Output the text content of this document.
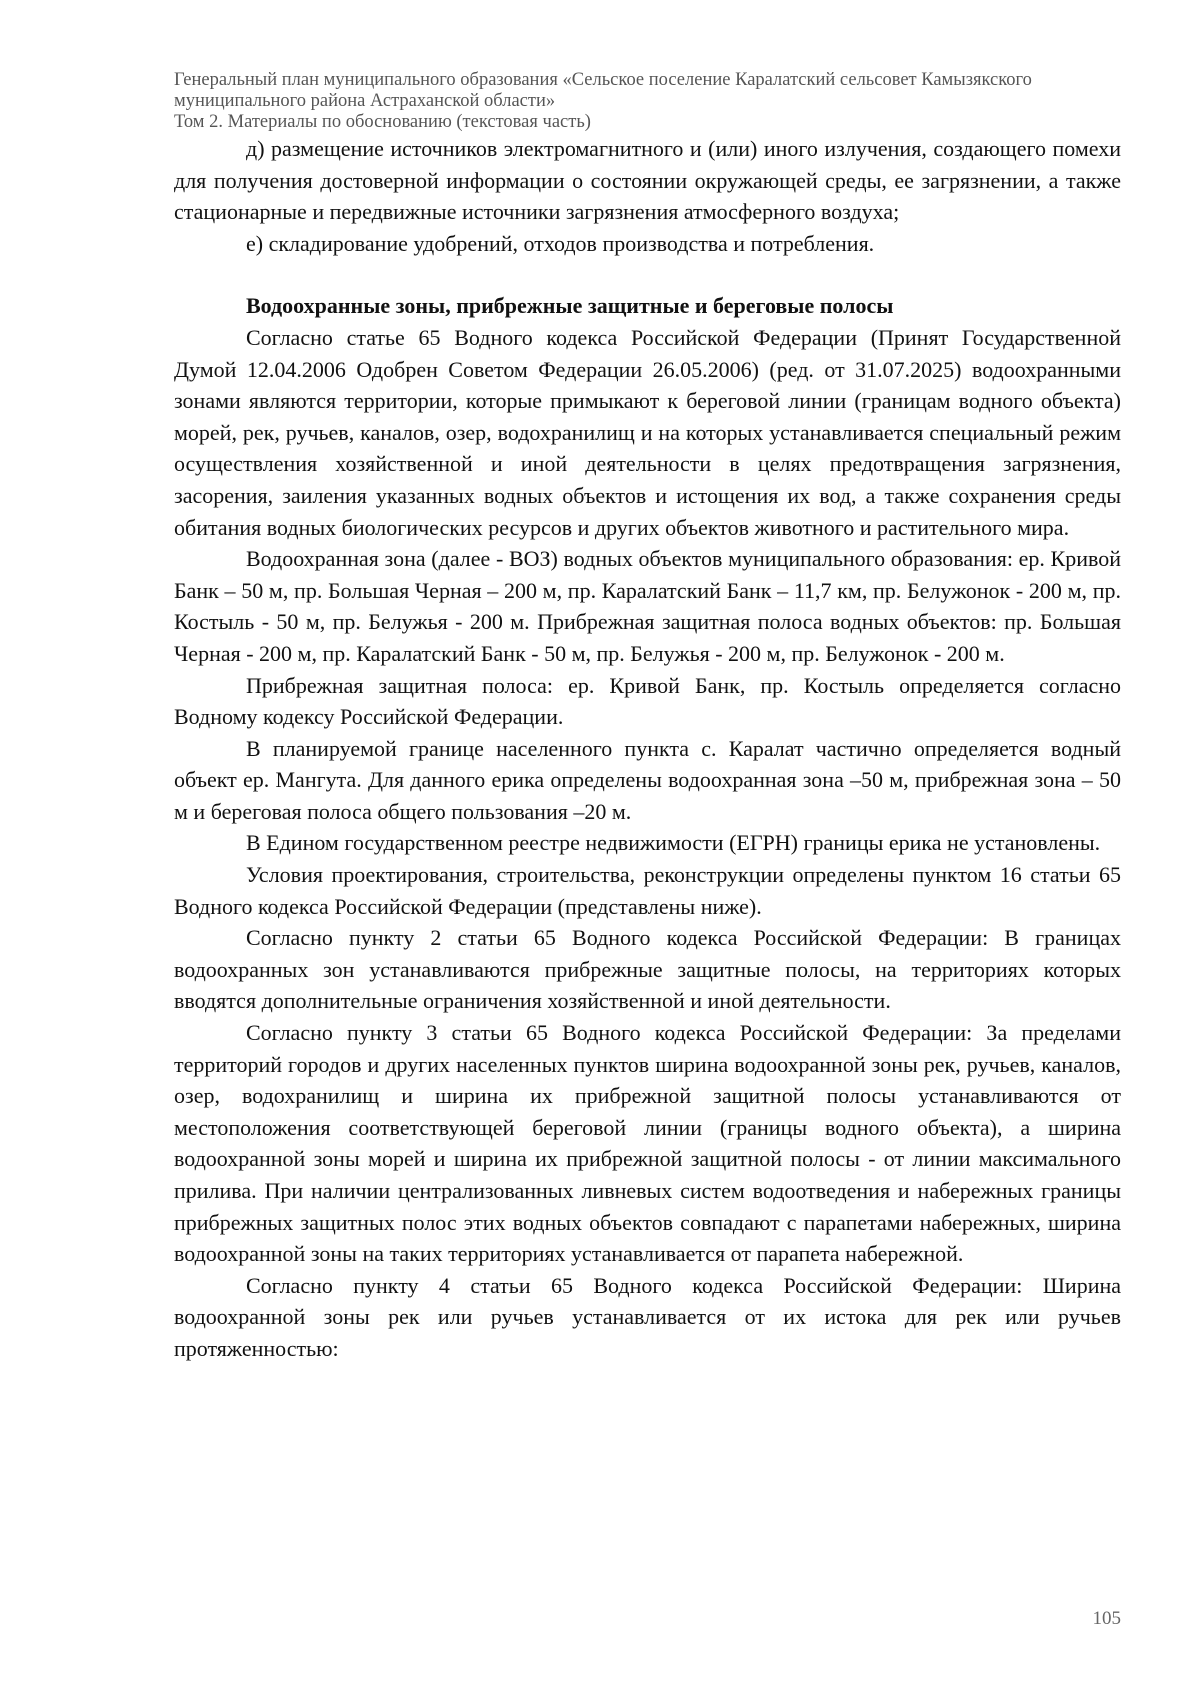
Генеральный план муниципального образования «Сельское поселение Каралатский сельсовет Камызякского
муниципального района Астраханской области»
Том 2. Материалы по обоснованию (текстовая часть)

д) размещение источников электромагнитного и (или) иного излучения, создающего помехи для получения достоверной информации о состоянии окружающей среды, ее загрязнении, а также стационарные и передвижные источники загрязнения атмосферного воздуха;

е) складирование удобрений, отходов производства и потребления.

Водоохранные зоны, прибрежные защитные и береговые полосы

Согласно статье 65 Водного кодекса Российской Федерации (Принят Государственной Думой 12.04.2006 Одобрен Советом Федерации 26.05.2006) (ред. от 31.07.2025) водоохранными зонами являются территории, которые примыкают к береговой линии (границам водного объекта) морей, рек, ручьев, каналов, озер, водохранилищ и на которых устанавливается специальный режим осуществления хозяйственной и иной деятельности в целях предотвращения загрязнения, засорения, заиления указанных водных объектов и истощения их вод, а также сохранения среды обитания водных биологических ресурсов и других объектов животного и растительного мира.

Водоохранная зона (далее - ВОЗ) водных объектов муниципального образования: ер. Кривой Банк – 50 м, пр. Большая Черная – 200 м, пр. Каралатский Банк – 11,7 км, пр. Белужонок - 200 м, пр. Костыль - 50 м, пр. Белужья - 200 м. Прибрежная защитная полоса водных объектов: пр. Большая Черная - 200 м, пр. Каралатский Банк - 50 м, пр. Белужья - 200 м, пр. Белужонок - 200 м.

Прибрежная защитная полоса: ер. Кривой Банк, пр. Костыль определяется согласно Водному кодексу Российской Федерации.

В планируемой границе населенного пункта с. Каралат частично определяется водный объект ер. Мангута. Для данного ерика определены водоохранная зона –50 м, прибрежная зона – 50 м и береговая полоса общего пользования –20 м.

В Едином государственном реестре недвижимости (ЕГРН) границы ерика не установлены.

Условия проектирования, строительства, реконструкции определены пунктом 16 статьи 65 Водного кодекса Российской Федерации (представлены ниже).

Согласно пункту 2 статьи 65 Водного кодекса Российской Федерации: В границах водоохранных зон устанавливаются прибрежные защитные полосы, на территориях которых вводятся дополнительные ограничения хозяйственной и иной деятельности.

Согласно пункту 3 статьи 65 Водного кодекса Российской Федерации: За пределами территорий городов и других населенных пунктов ширина водоохранной зоны рек, ручьев, каналов, озер, водохранилищ и ширина их прибрежной защитной полосы устанавливаются от местоположения соответствующей береговой линии (границы водного объекта), а ширина водоохранной зоны морей и ширина их прибрежной защитной полосы - от линии максимального прилива. При наличии централизованных ливневых систем водоотведения и набережных границы прибрежных защитных полос этих водных объектов совпадают с парапетами набережных, ширина водоохранной зоны на таких территориях устанавливается от парапета набережной.

Согласно пункту 4 статьи 65 Водного кодекса Российской Федерации: Ширина водоохранной зоны рек или ручьев устанавливается от их истока для рек или ручьев протяженностью:

105
